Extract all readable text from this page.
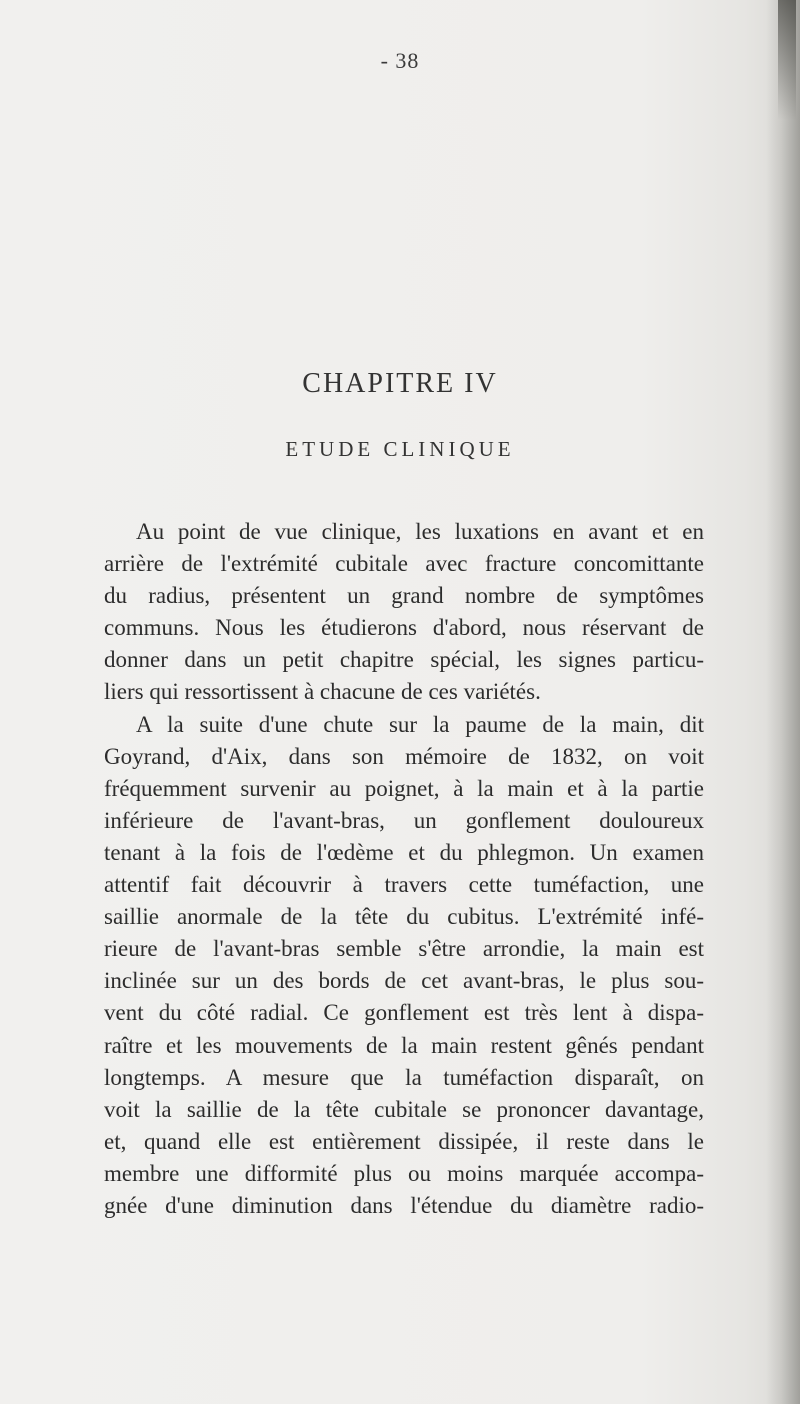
- 38
CHAPITRE IV
ETUDE CLINIQUE
Au point de vue clinique, les luxations en avant et en
arrière de l'extrémité cubitale avec fracture concomittante
du radius, présentent un grand nombre de symptômes
communs. Nous les étudierons d'abord, nous réservant de
donner dans un petit chapitre spécial, les signes particu-
liers qui ressortissent à chacune de ces variétés.
A la suite d'une chute sur la paume de la main, dit
Goyrand, d'Aix, dans son mémoire de 1832, on voit
fréquemment survenir au poignet, à la main et à la partie
inférieure de l'avant-bras, un gonflement douloureux
tenant à la fois de l'œdème et du phlegmon. Un examen
attentif fait découvrir à travers cette tuméfaction, une
saillie anormale de la tête du cubitus. L'extrémité infé-
rieure de l'avant-bras semble s'être arrondie, la main est
inclinée sur un des bords de cet avant-bras, le plus sou-
vent du côté radial. Ce gonflement est très lent à dispa-
raître et les mouvements de la main restent gênés pendant
longtemps. A mesure que la tuméfaction disparaît, on
voit la saillie de la tête cubitale se prononcer davantage,
et, quand elle est entièrement dissipée, il reste dans le
membre une difformité plus ou moins marquée accompa-
gnée d'une diminution dans l'étendue du diamètre radio-
